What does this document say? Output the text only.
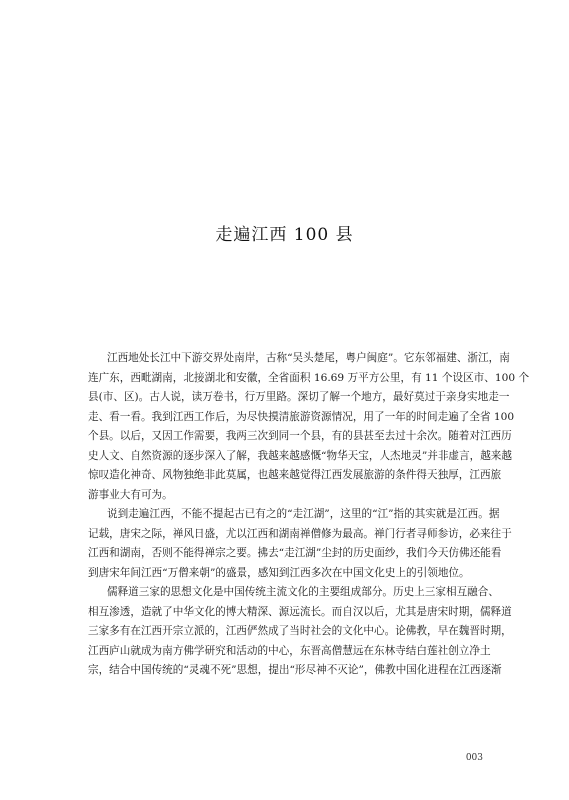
走遍江西 100 县
江西地处长江中下游交界处南岸，古称“吴头楚尾，粤户闽庭”。它东邻福建、浙江，南
连广东，西毗湖南，北接湖北和安徽，全省面积 16.69 万平方公里，有 11 个设区市、100 个
县(市、区)。古人说，读万卷书，行万里路。深切了解一个地方，最好莫过于亲身实地走一
走、看一看。我到江西工作后，为尽快摸清旅游资源情况，用了一年的时间走遍了全省 100
个县。以后，又因工作需要，我两三次到同一个县，有的县甚至去过十余次。随着对江西历
史人文、自然资源的逐步深入了解，我越来越感慨“物华天宝，人杰地灵”并非虚言，越来越
惊叹造化神奇、风物独绝非此莫属，也越来越觉得江西发展旅游的条件得天独厚，江西旅
游事业大有可为。
说到走遍江西，不能不提起古已有之的“走江湖”，这里的“江”指的其实就是江西。据
记载，唐宋之际，禅风日盛，尤以江西和湖南禅僧修为最高。禅门行者寻师参访，必来往于
江西和湖南，否则不能得禅宗之要。拂去“走江湖”尘封的历史面纱，我们今天仿佛还能看
到唐宋年间江西“万僧来朝”的盛景，感知到江西多次在中国文化史上的引领地位。
儒释道三家的思想文化是中国传统主流文化的主要组成部分。历史上三家相互融合、
相互渗透，造就了中华文化的博大精深、源远流长。而自汉以后，尤其是唐宋时期，儒释道
三家多有在江西开宗立派的，江西俨然成了当时社会的文化中心。论佛教，早在魏晋时期，
江西庐山就成为南方佛学研究和活动的中心，东晋高僧慧远在东林寺结白莲社创立净土
宗，结合中国传统的“灵魂不死”思想，提出“形尽神不灭论”，佛教中国化进程在江西逐渐
003
